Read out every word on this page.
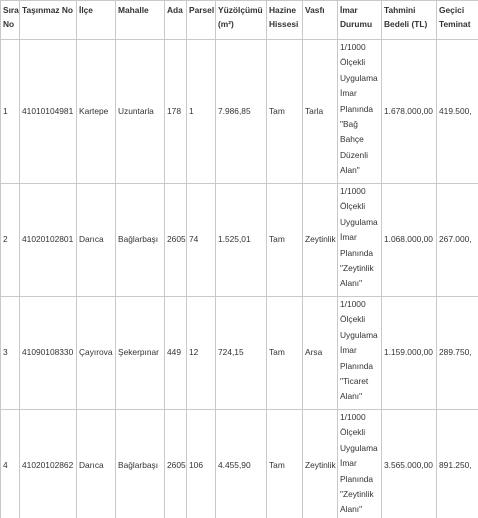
Sıra No	Taşınmaz No	İlçe	Mahalle	Ada	Parsel	Yüzölçümü (m²)	Hazine Hissesi	Vasfı	İmar Durumu	Tahmini Bedeli (TL)	Geçici Teminat
1	41010104981	Kartepe	Uzuntarla	178	1	7.986,85	Tam	Tarla	1/1000 Ölçekli Uygulama İmar Planında "Bağ Bahçe Düzenli Alan"	1.678.000,00	419.500,
2	41020102801	Darıca	Bağlarbaşı	2605	74	1.525,01	Tam	Zeytinlik	1/1000 Ölçekli Uygulama İmar Planında "Zeytinlik Alanı"	1.068.000,00	267.000,
3	41090108330	Çayırova	Şekerpınar	449	12	724,15	Tam	Arsa	1/1000 Ölçekli Uygulama İmar Planında "Ticaret Alanı"	1.159.000,00	289.750,
4	41020102862	Darıca	Bağlarbaşı	2605	106	4.455,90	Tam	Zeytinlik	1/1000 Ölçekli Uygulama İmar Planında "Zeytinlik Alanı"	3.565.000,00	891.250,
